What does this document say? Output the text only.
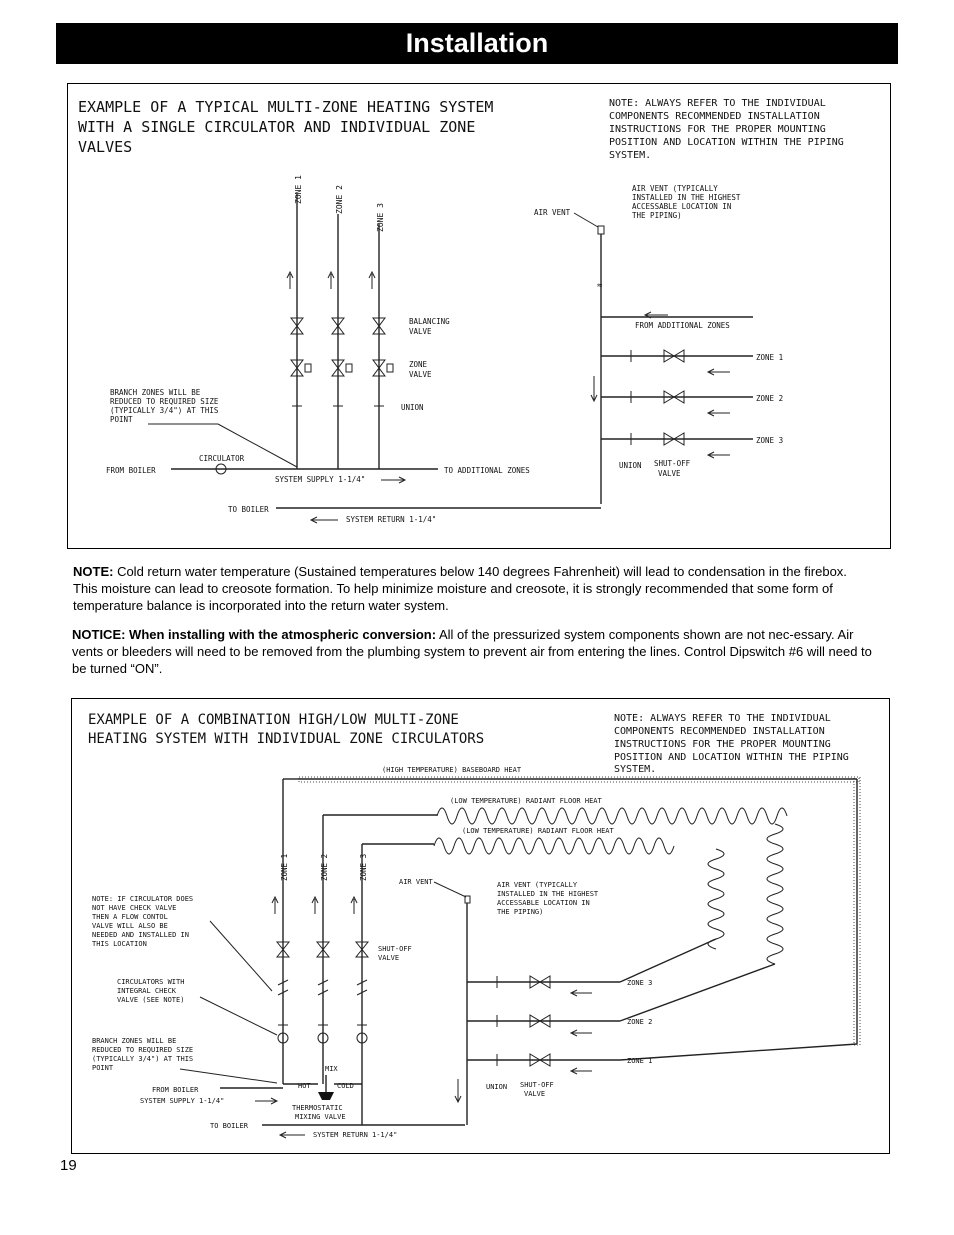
Installation
EXAMPLE OF A TYPICAL MULTI-ZONE HEATING SYSTEM
WITH A SINGLE CIRCULATOR AND INDIVIDUAL ZONE
VALVES
NOTE: ALWAYS REFER TO THE INDIVIDUAL
COMPONENTS RECOMMENDED INSTALLATION
INSTRUCTIONS FOR THE PROPER MOUNTING
POSITION AND LOCATION WITHIN THE PIPING
SYSTEM.
AIR VENT (TYPICALLY
INSTALLED IN THE HIGHEST
ACCESSABLE LOCATION IN
THE PIPING)
AIR VENT
≈
ZONE 1	ZONE 2
ZONE 3
BALANCING
VALVE
ZONE
VALVE
UNION
BRANCH ZONES WILL BE
REDUCED TO REQUIRED SIZE
(TYPICALLY 3/4") AT THIS
POINT
FROM BOILER
CIRCULATOR
SYSTEM SUPPLY 1-1/4"
TO ADDITIONAL ZONES
TO BOILER
SYSTEM RETURN 1-1/4"
FROM ADDITIONAL ZONES
ZONE 1
ZONE 2
ZONE 3
UNION SHUT-OFF
VALVE
NOTE: Cold return water temperature (Sustained temperatures below 140 degrees Fahrenheit) will lead to condensation in the firebox. This moisture can lead to creosote formation. To help minimize moisture and creosote, it is strongly recommended that some form of temperature balance is incorporated into the return water system.
NOTICE: When installing with the atmospheric conversion: All of the pressurized system components shown are not nec-essary. Air vents or bleeders will need to be removed from the plumbing system to prevent air from entering the lines. Control Dipswitch #6 will need to be turned “ON”.
EXAMPLE OF A COMBINATION HIGH/LOW MULTI-ZONE
HEATING SYSTEM WITH INDIVIDUAL ZONE CIRCULATORS
NOTE: ALWAYS REFER TO THE INDIVIDUAL
COMPONENTS RECOMMENDED INSTALLATION
INSTRUCTIONS FOR THE PROPER MOUNTING
POSITION AND LOCATION WITHIN THE PIPING
SYSTEM.
(HIGH TEMPERATURE) BASEBOARD HEAT
(LOW TEMPERATURE) RADIANT FLOOR HEAT
(LOW TEMPERATURE) RADIANT FLOOR HEAT
ZONE 1	ZONE 2	ZONE 3
SHUT-OFF
VALVE
NOTE: IF CIRCULATOR DOES
NOT HAVE CHECK VALVE
THEN A FLOW CONTOL
VALVE WILL ALSO BE
NEEDED AND INSTALLED IN
THIS LOCATION
CIRCULATORS WITH
INTEGRAL CHECK
VALVE (SEE NOTE)
BRANCH ZONES WILL BE
REDUCED TO REQUIRED SIZE
(TYPICALLY 3/4") AT THIS
POINT	MIX
HOT	COLD
THERMOSTATIC
MIXING VALVE
FROM BOILER
SYSTEM SUPPLY 1-1/4"
TO BOILER
SYSTEM RETURN 1-1/4"
AIR VENT	AIR VENT (TYPICALLY
INSTALLED IN THE HIGHEST
ACCESSABLE LOCATION IN
THE PIPING)
ZONE 3
ZONE 2
ZONE 1
UNION SHUT-OFF
VALVE
19
